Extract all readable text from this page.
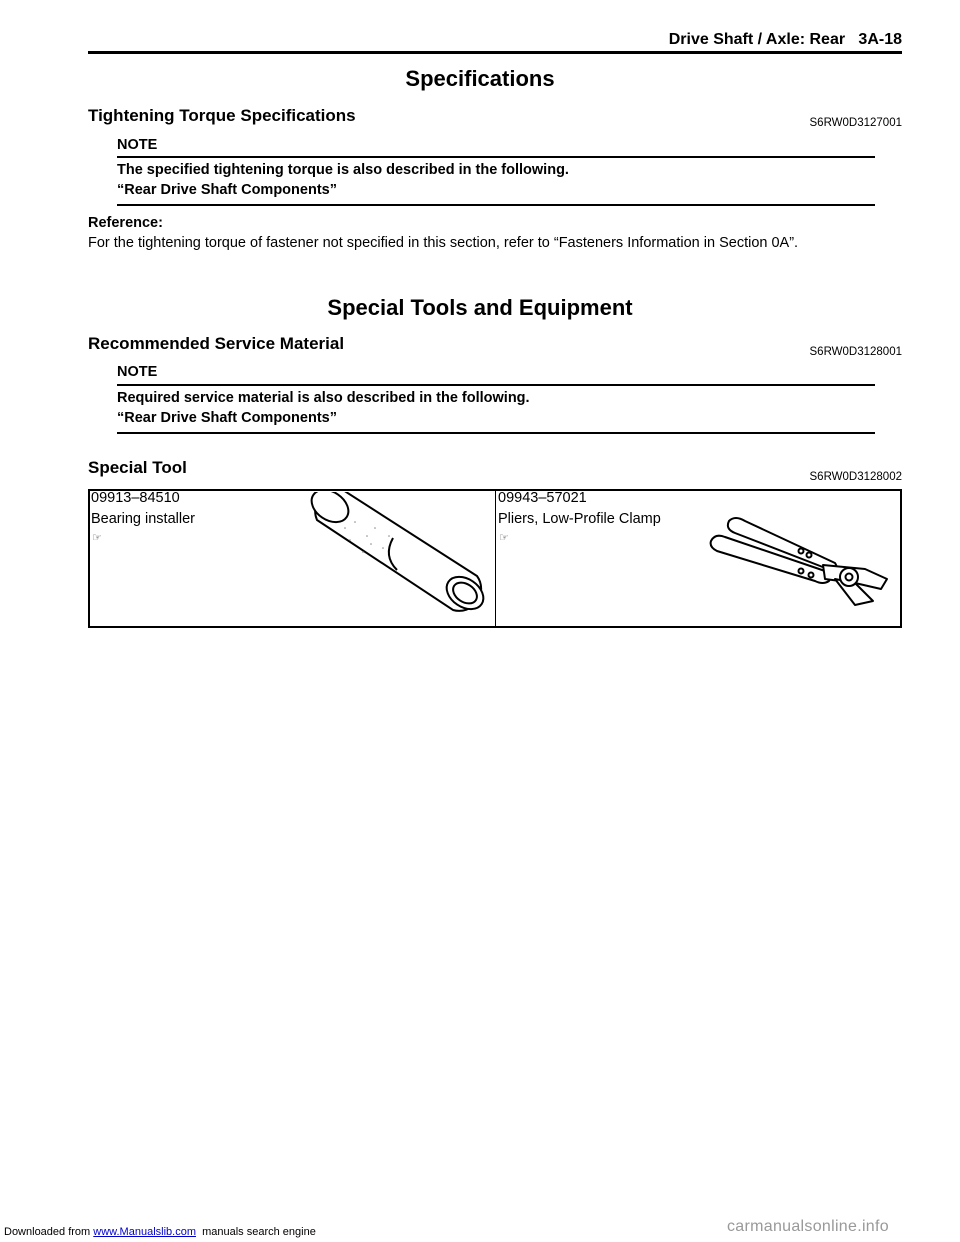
Drive Shaft / Axle: Rear   3A-18
Specifications
Tightening Torque Specifications	S6RW0D3127001
NOTE
The specified tightening torque is also described in the following.
“Rear Drive Shaft Components”
Reference:
For the tightening torque of fastener not specified in this section, refer to “Fasteners Information in Section 0A”.
Special Tools and Equipment
Recommended Service Material	S6RW0D3128001
NOTE
Required service material is also described in the following.
“Rear Drive Shaft Components”
Special Tool	S6RW0D3128002
09913–84510
Bearing installer
☞
09943–57021
Pliers, Low-Profile Clamp
☞
Downloaded from www.Manualslib.com  manuals search engine	carmanualsonline.info
